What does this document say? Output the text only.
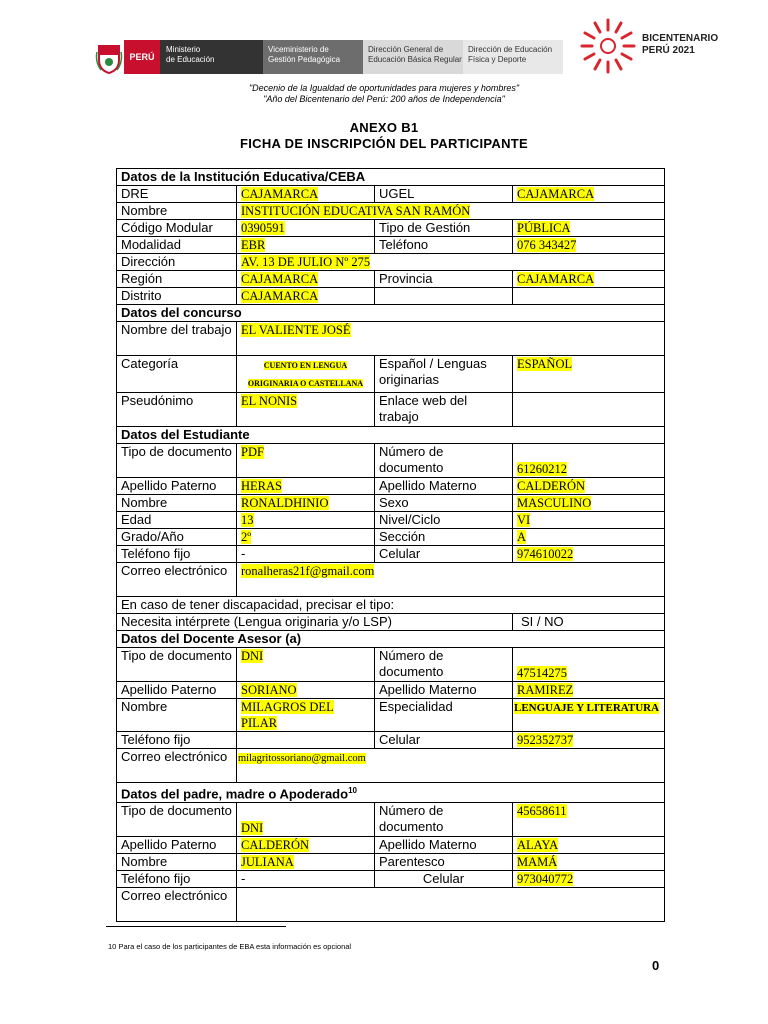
PERÚ
Ministerio
de Educación
Viceministerio de
Gestión Pedagógica
Dirección General de
Educación Básica Regular
Dirección de Educación
Física y Deporte
BICENTENARIO
PERÚ 2021
"Decenio de la Igualdad de oportunidades para mujeres y hombres"
"Año del Bicentenario del Perú: 200 años de Independencia"
ANEXO B1
FICHA DE INSCRIPCIÓN DEL PARTICIPANTE
Datos de la Institución Educativa/CEBA			
DRE	CAJAMARCA	UGEL	CAJAMARCA
Nombre	INSTITUCIÓN EDUCATIVA SAN RAMÓN		
Código Modular	0390591	Tipo de Gestión	PÚBLICA
Modalidad	EBR	Teléfono	076 343427
Dirección	AV. 13 DE JULIO Nº 275		
Región	CAJAMARCA	Provincia	CAJAMARCA
Distrito	CAJAMARCA		
Datos del concurso			
Nombre del trabajo	EL VALIENTE JOSÉ		
Categoría	CUENTO EN LENGUA
ORIGINARIA O CASTELLANA	Español / Lenguas originarias	ESPAÑOL
Pseudónimo	EL NONIS	Enlace web del trabajo	
Datos del Estudiante			
Tipo de documento	PDF	Número de documento	61260212
Apellido Paterno	HERAS	Apellido Materno	CALDERÓN
Nombre	RONALDHINIO	Sexo	MASCULINO
Edad	13	Nivel/Ciclo	VI
Grado/Año	2º	Sección	A
Teléfono fijo	-	Celular	974610022
Correo electrónico	ronalheras21f@gmail.com		
En caso de tener discapacidad, precisar el tipo:			
Necesita intérprete (Lengua originaria y/o LSP)			SI / NO
Datos del Docente Asesor (a)			
Tipo de documento	DNI	Número de documento	47514275
Apellido Paterno	SORIANO	Apellido Materno	RAMIREZ
Nombre	MILAGROS DEL PILAR	Especialidad	LENGUAJE Y LITERATURA
Teléfono fijo		Celular	952352737
Correo electrónico	milagritossoriano@gmail.com		
Datos del padre, madre o Apoderado$^{10}$
Tipo de documento	DNI	Número de documento	45658611
Apellido Paterno	CALDERÓN	Apellido Materno	ALAYA
Nombre	JULIANA	Parentesco	MAMÁ
Teléfono fijo	-	Celular	973040772
Correo electrónico			
10 Para el caso de los participantes de EBA esta información es opcional
0
